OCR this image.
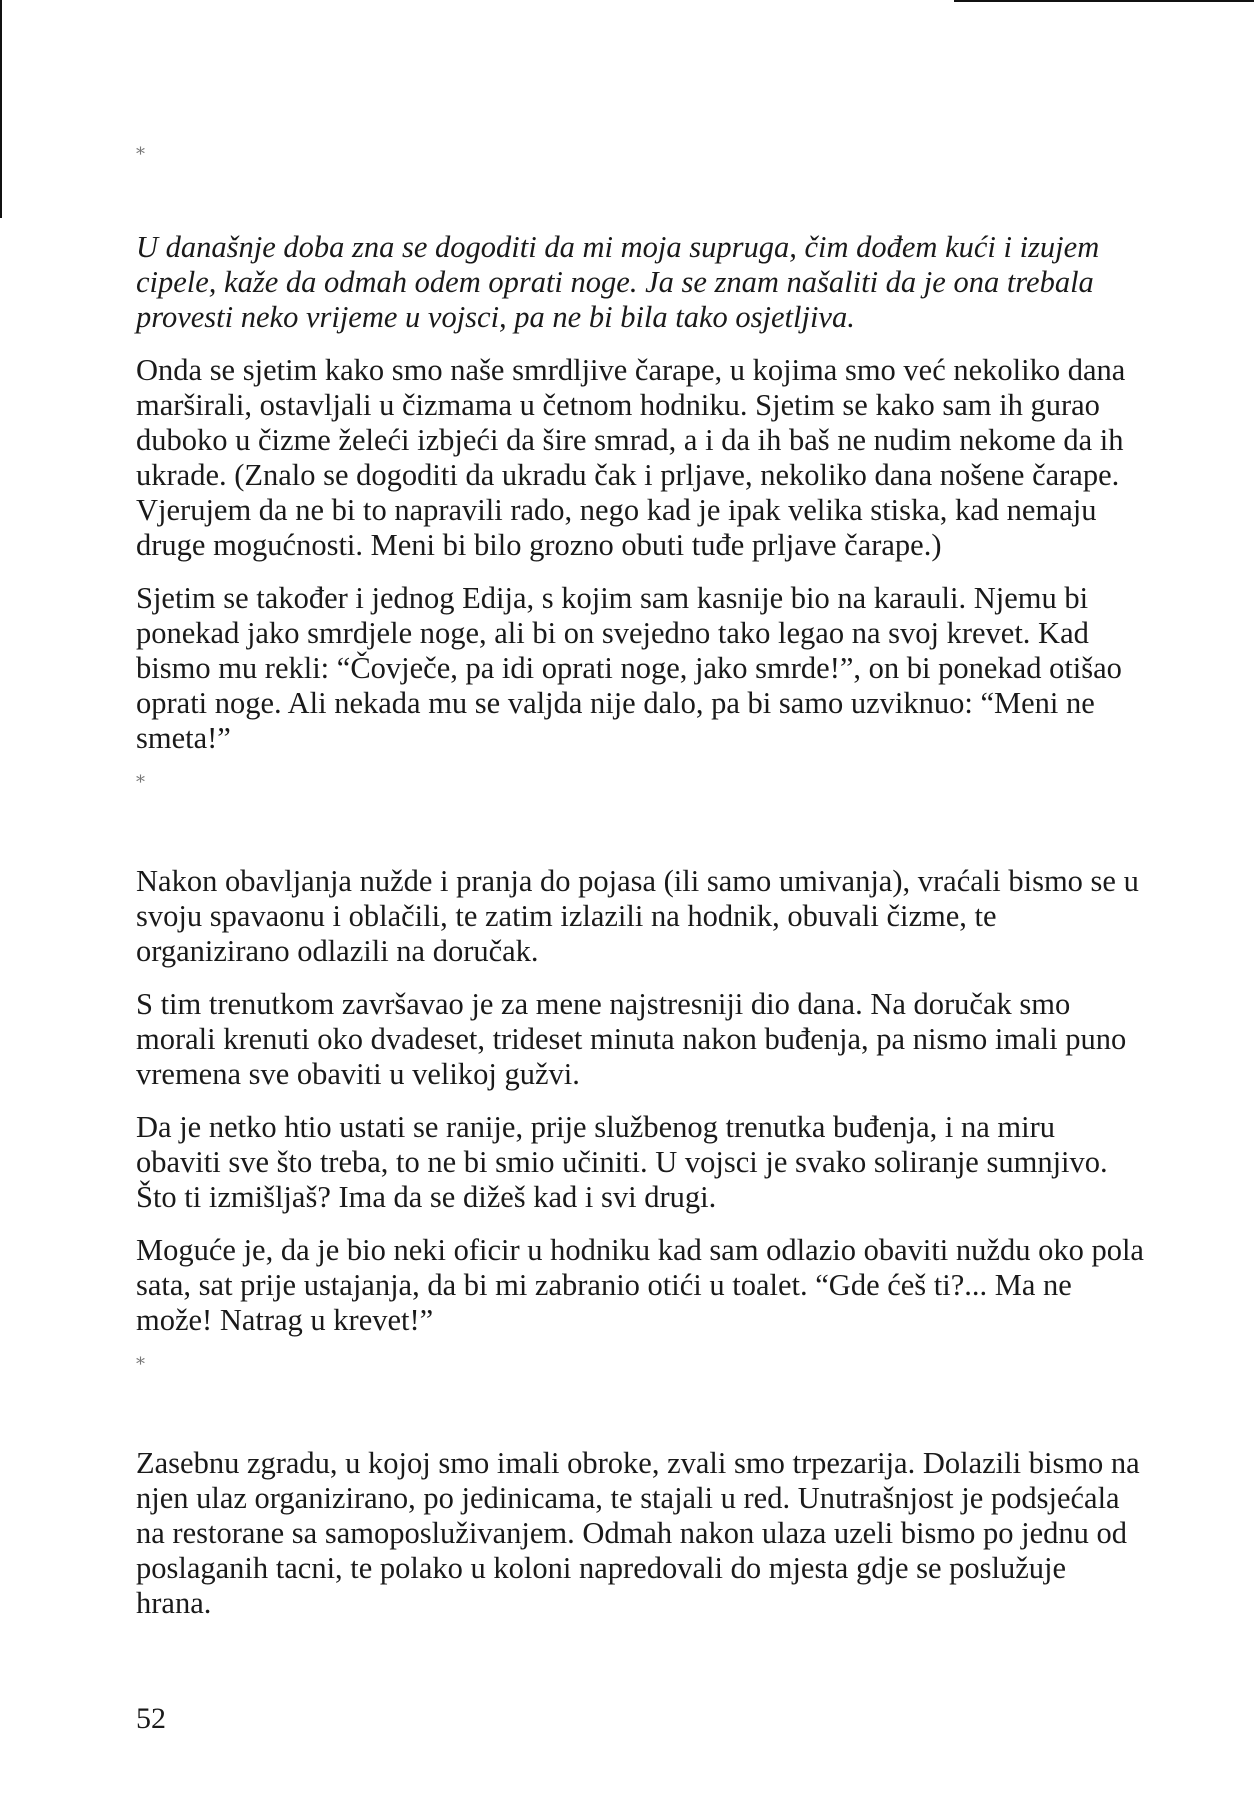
*

U današnje doba zna se dogoditi da mi moja supruga, čim dođem kući i izujem cipele, kaže da odmah odem oprati noge. Ja se znam našaliti da je ona trebala provesti neko vrijeme u vojsci, pa ne bi bila tako osjetljiva.

Onda se sjetim kako smo naše smrdljive čarape, u kojima smo već nekoliko dana marširali, ostavljali u čizmama u četnom hodniku. Sjetim se kako sam ih gurao duboko u čizme želeći izbjeći da šire smrad, a i da ih baš ne nudim nekome da ih ukrade. (Znalo se dogoditi da ukradu čak i prljave, nekoliko dana nošene čarape. Vjerujem da ne bi to napravili rado, nego kad je ipak velika stiska, kad nemaju druge mogućnosti. Meni bi bilo grozno obuti tuđe prljave čarape.)

Sjetim se također i jednog Edija, s kojim sam kasnije bio na karauli. Njemu bi ponekad jako smrdjele noge, ali bi on svejedno tako legao na svoj krevet. Kad bismo mu rekli: “Čovječe, pa idi oprati noge, jako smrde!”, on bi ponekad otišao oprati noge. Ali nekada mu se valjda nije dalo, pa bi samo uzviknuo: “Meni ne smeta!”

*

Nakon obavljanja nužde i pranja do pojasa (ili samo umivanja), vraćali bismo se u svoju spavaonu i oblačili, te zatim izlazili na hodnik, obuvali čizme, te organizirano odlazili na doručak.

S tim trenutkom završavao je za mene najstresniji dio dana. Na doručak smo morali krenuti oko dvadeset, trideset minuta nakon buđenja, pa nismo imali puno vremena sve obaviti u velikoj gužvi.

Da je netko htio ustati se ranije, prije službenog trenutka buđenja, i na miru obaviti sve što treba, to ne bi smio učiniti. U vojsci je svako soliranje sumnjivo. Što ti izmišljaš? Ima da se dižeš kad i svi drugi.

Moguće je, da je bio neki oficir u hodniku kad sam odlazio obaviti nuždu oko pola sata, sat prije ustajanja, da bi mi zabranio otići u toalet. “Gde ćeš ti?... Ma ne može! Natrag u krevet!”

*

Zasebnu zgradu, u kojoj smo imali obroke, zvali smo trpezarija. Dolazili bismo na njen ulaz organizirano, po jedinicama, te stajali u red. Unutrašnjost je podsjećala na restorane sa samoposluživanjem. Odmah nakon ulaza uzeli bismo po jednu od poslaganih tacni, te polako u koloni napredovali do mjesta gdje se poslužuje hrana.

52
